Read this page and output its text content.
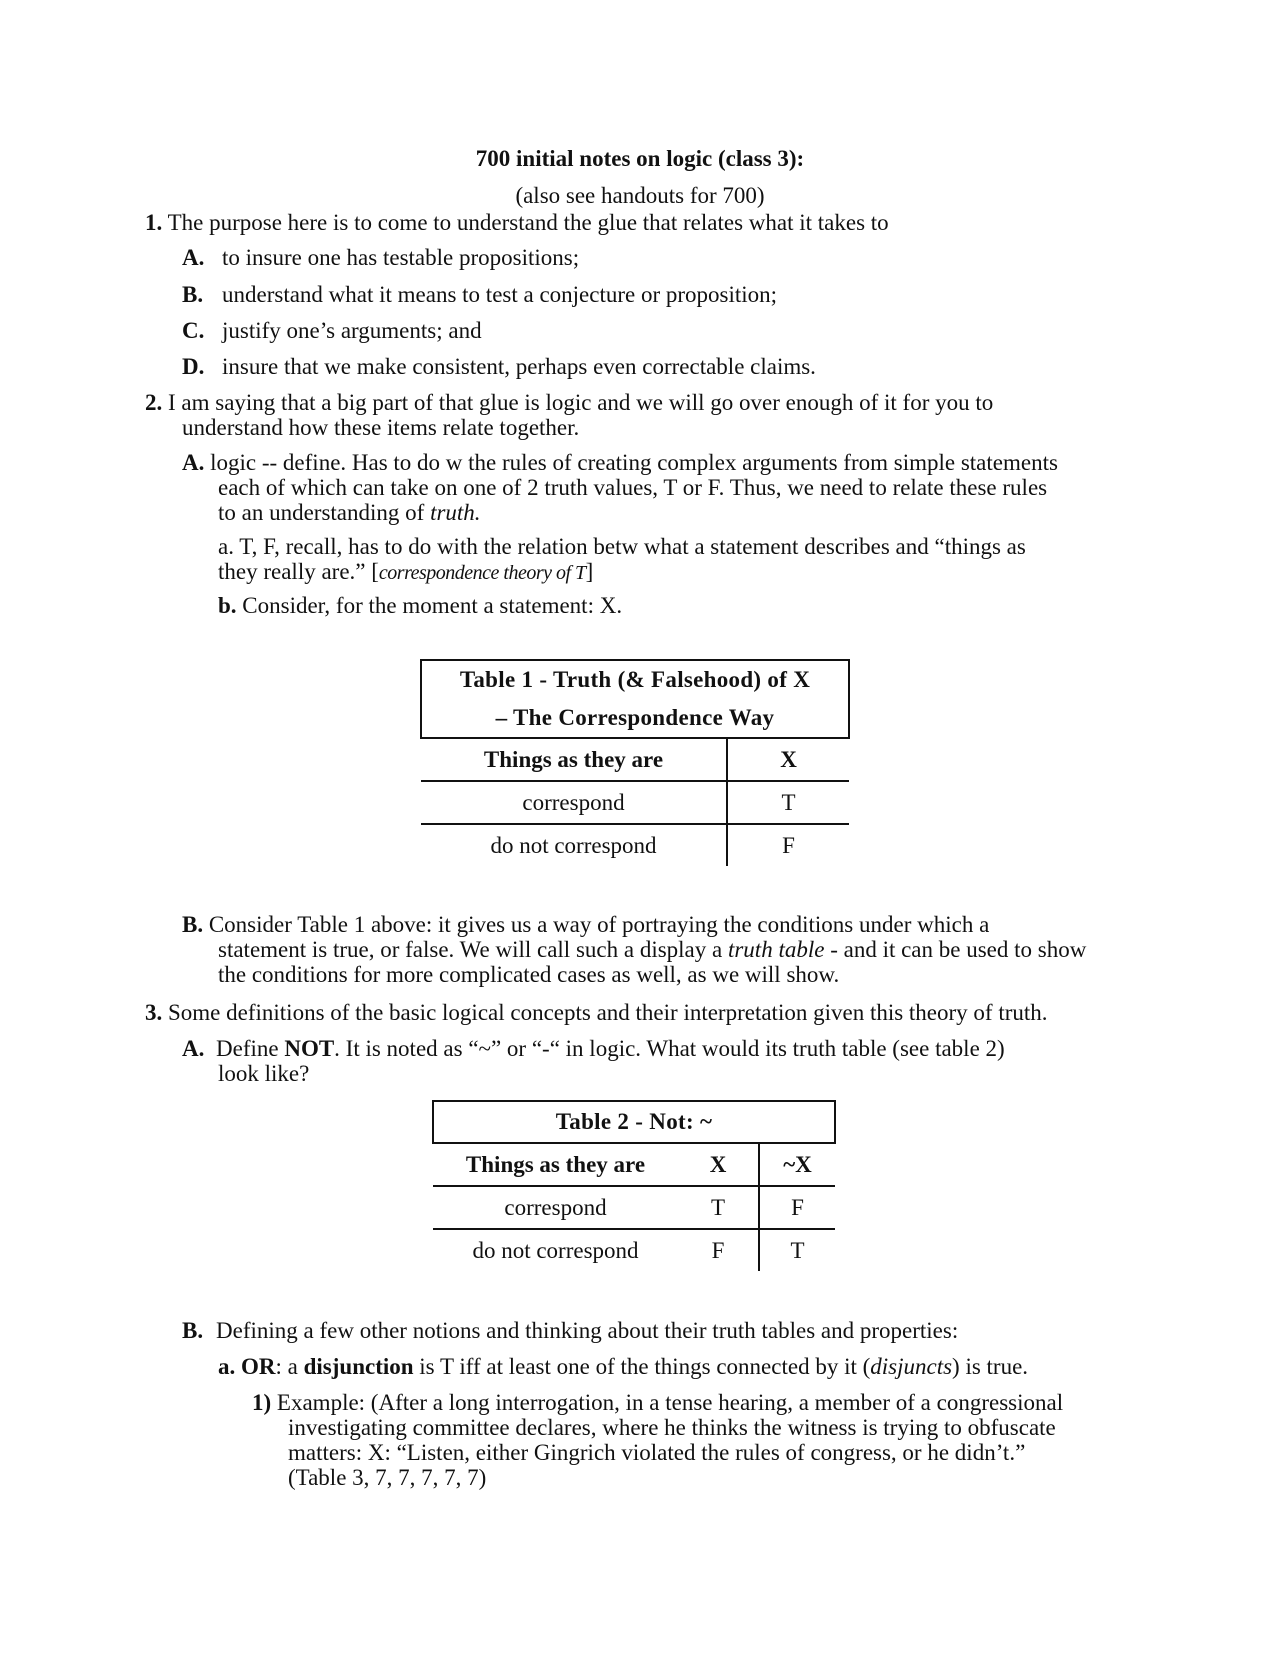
700 initial notes on logic (class 3):
(also see handouts for 700)
1. The purpose here is to come to understand the glue that relates what it takes to
A. to insure one has testable propositions;
B. understand what it means to test a conjecture or proposition;
C. justify one’s arguments; and
D. insure that we make consistent, perhaps even correctable claims.
2. I am saying that a big part of that glue is logic and we will go over enough of it for you to
understand how these items relate together.
A. logic -- define. Has to do w the rules of creating complex arguments from simple statements
each of which can take on one of 2 truth values, T or F. Thus, we need to relate these rules
to an understanding of truth.
a. T, F, recall, has to do with the relation betw what a statement describes and “things as
they really are.” [correspondence theory of T]
b. Consider, for the moment a statement: X.
Table 1 - Truth (& Falsehood) of X
– The Correspondence Way	

Things as they are	X
correspond	T
do not correspond	F
B. Consider Table 1 above: it gives us a way of portraying the conditions under which a
statement is true, or false. We will call such a display a truth table - and it can be used to show
the conditions for more complicated cases as well, as we will show.
3. Some definitions of the basic logical concepts and their interpretation given this theory of truth.
A. Define NOT. It is noted as “~” or “-“ in logic. What would its truth table (see table 2)
look like?
Table 2 - Not: ~		
Things as they are	X	~X
correspond	T	F
do not correspond	F	T
B. Defining a few other notions and thinking about their truth tables and properties:
a. OR: a disjunction is T iff at least one of the things connected by it (disjuncts) is true.
1) Example: (After a long interrogation, in a tense hearing, a member of a congressional
investigating committee declares, where he thinks the witness is trying to obfuscate
matters: X: “Listen, either Gingrich violated the rules of congress, or he didn’t.”
(Table 3, 7, 7, 7, 7, 7)
